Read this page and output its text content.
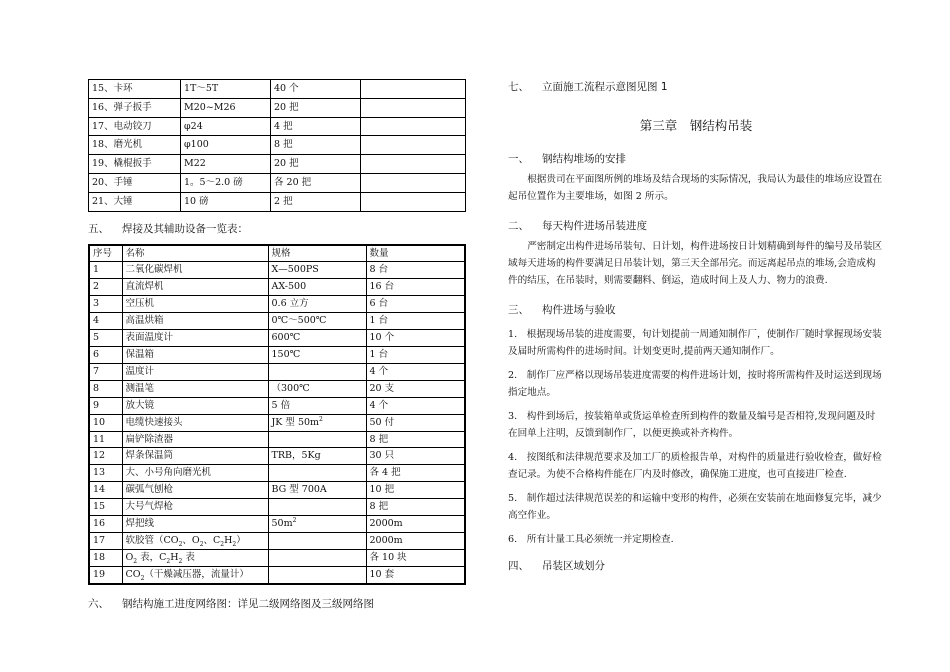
15、卡环	1T～5T	40 个	
16、弹子扳手	M20~M26	20 把	
17、电动铰刀	φ24	4 把	
18、磨光机	φ100	8 把	
19、橇棍扳手	M22	20 把	
20、手锤	1。5～2.0 磅	各 20 把	
21、大锤	10 磅	2 把	
五、 焊接及其辅助设备一览表：
序号	名称	规格	数量
1	二氧化碳焊机	X—500PS	8 台
2	直流焊机	AX-500	16 台
3	空压机	0.6 立方	6 台
4	高温烘箱	0℃～500℃	1 台
5	表面温度计	600℃	10 个
6	保温箱	150℃	1 台
7	温度计		4 个
8	测温笔	（300℃	20 支
9	放大镜	5 倍	4 个
10	电缆快速接头	JK 型 $50m^2$	50 付
11	扁铲除渣器		8 把
12	焊条保温筒	TRB，5Kg	30 只
13	大、小号角向磨光机		各 4 把
14	碳弧气刨枪	BG 型 700A	10 把
15	大号气焊枪		8 把
16	焊把线	$50m^2$	2000m
17	软胶管（$CO_2$、$O_2$、$C_2H_2$）		2000m
18	$O_2$ 表，$C_2H_2$ 表		各 10 块
19	$CO_2$（干燥减压器，流量计）		10 套
六、 钢结构施工进度网络图：详见二级网络图及三级网络图
七、 立面施工流程示意图见图 1
第三章　钢结构吊装
一、 钢结构堆场的安排

根据贵司在平面图所例的堆场及结合现场的实际情况，我局认为最佳的堆场应设置在起吊位置作为主要堆场，如图 2 所示。

二、 每天构件进场吊装进度

严密制定出构件进场吊装旬、日计划，构件进场按日计划精确到每件的编号及吊装区域每天进场的构件要满足日吊装计划，第三天全部吊完。而远离起吊点的堆场,会造成构件的结压，在吊装时，则需要翻料、倒运，造成时间上及人力、物力的浪费.

三、 构件进场与验收

1.　根据现场吊装的进度需要，旬计划提前一周通知制作厂，使制作厂随时掌握现场安装及届时所需构件的进场时间。计划变更时,提前两天通知制作厂。

2.　制作厂应严格以现场吊装进度需要的构件进场计划，按时将所需构件及时运送到现场指定地点。

3.　构件到场后，按装箱单或货运单检查所到构件的数量及编号是否相符,发现问题及时在回单上注明，反馈到制作厂，以便更换或补齐构件。

4.　按图纸和法律规范要求及加工厂的质检报告单，对构件的质量进行验收检查，做好检查记录。为使不合格构件能在厂内及时修改，确保施工进度，也可直接进厂检查.

5.　制作超过法律规范误差的和运输中变形的构件，必须在安装前在地面修复完毕，减少高空作业。

6.　所有计量工具必须统一并定期检查.

四、 吊装区域划分
